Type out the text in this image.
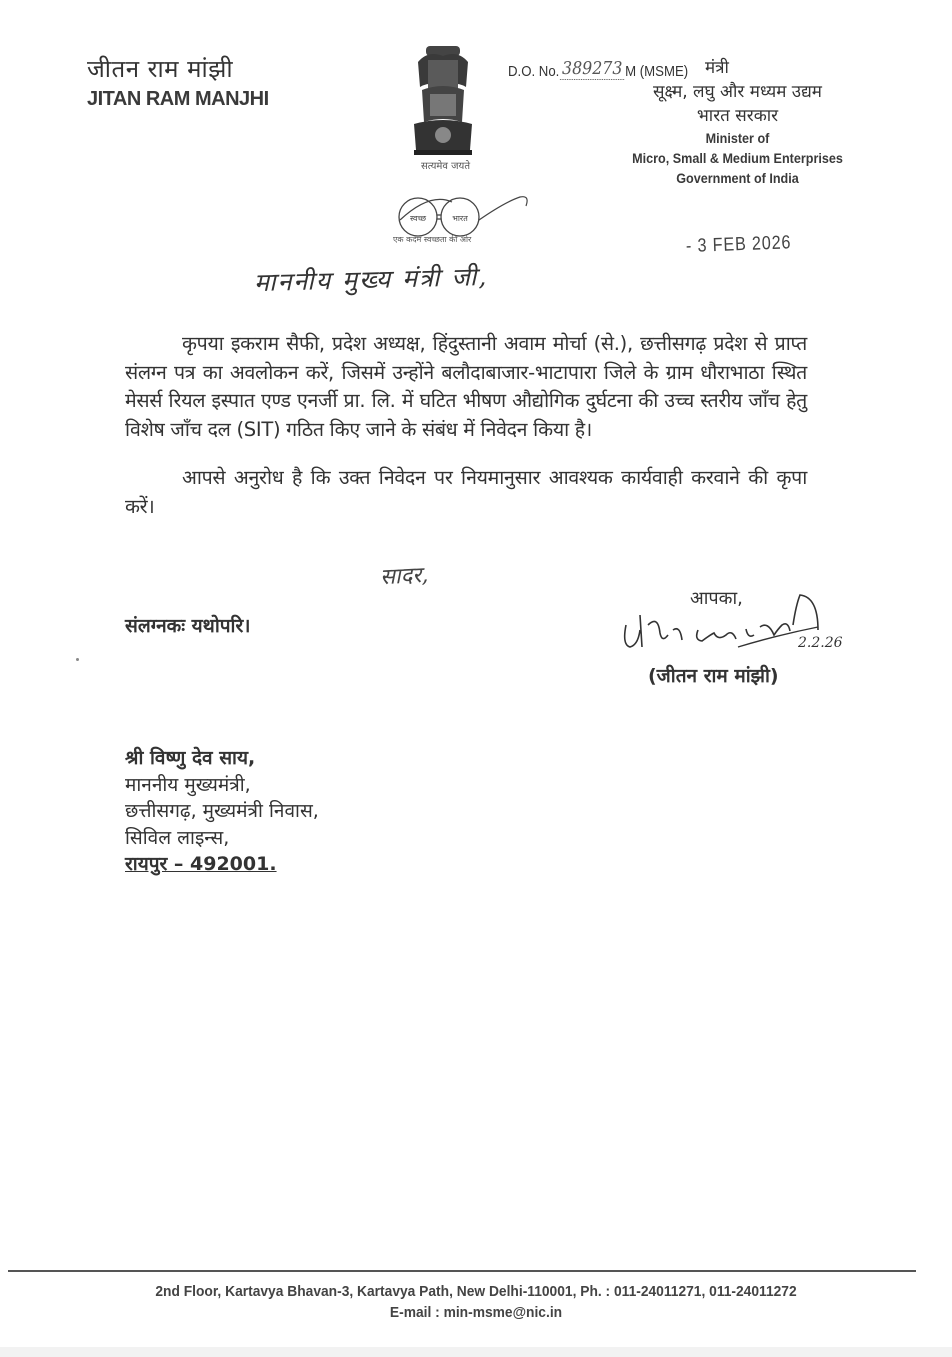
जीतन राम मांझी
JITAN RAM MANJHI
सत्यमेव जयते
स्वच्छ	भारत
एक कदम स्वच्छता की ओर
D.O. No. 389273 M (MSME) मंत्री
सूक्ष्म, लघु और मध्यम उद्यम
भारत सरकार
Minister of
Micro, Small & Medium Enterprises
Government of India
- 3 FEB 2026
माननीय मुख्य मंत्री जी,

कृपया इकराम सैफी, प्रदेश अध्यक्ष, हिंदुस्तानी अवाम मोर्चा (से.), छत्तीसगढ़ प्रदेश से प्राप्त संलग्न पत्र का अवलोकन करें, जिसमें उन्होंने बलौदाबाजार-भाटापारा जिले के ग्राम धौराभाठा स्थित मेसर्स रियल इस्पात एण्ड एनर्जी प्रा. लि. में घटित भीषण औद्योगिक दुर्घटना की उच्च स्तरीय जाँच हेतु विशेष जाँच दल (SIT) गठित किए जाने के संबंध में निवेदन किया है।

आपसे अनुरोध है कि उक्त निवेदन पर नियमानुसार आवश्यक कार्यवाही करवाने की कृपा करें।

सादर,
संलग्नकः यथोपरि।
आपका,
2.2.26
(जीतन राम मांझी)
श्री विष्णु देव साय,
माननीय मुख्यमंत्री,
छत्तीसगढ़, मुख्यमंत्री निवास,
सिविल लाइन्स,
रायपुर – 492001.
2nd Floor, Kartavya Bhavan-3, Kartavya Path, New Delhi-110001, Ph. : 011-24011271, 011-24011272
E-mail : min-msme@nic.in
